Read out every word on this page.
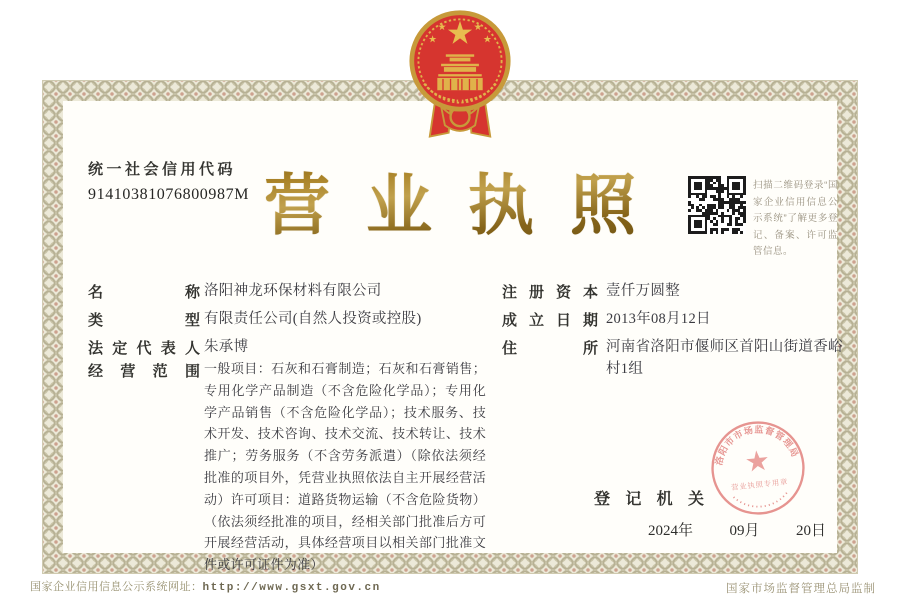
营业执照	扫描二维码登录“国家企业信用信息公示系统”了解更多登记、备案、许可监管信息。
名称 洛阳神龙环保材料有限公司
类型 有限责任公司(自然人投资或控股)
法定代表人 朱承博
经营范围 一般项目：石灰和石膏制造；石灰和石膏销售；专用化学产品制造（不含危险化学品）；专用化学产品销售（不含危险化学品）；技术服务、技术开发、技术咨询、技术交流、技术转让、技术推广；劳务服务（不含劳务派遣）（除依法须经批准的项目外，凭营业执照依法自主开展经营活动）许可项目：道路货物运输（不含危险货物）（依法须经批准的项目，经相关部门批准后方可开展经营活动，具体经营项目以相关部门批准文件或许可证件为准）
注册资本 壹仟万圆整
成立日期 2013年08月12日
住所 河南省洛阳市偃师区首阳山街道香峪村1组
登记机关
2024年 09月 20日
洛阳市市场监督管理局
营业执照专用章
国家企业信用信息公示系统网址：http://www.gsxt.gov.cn	国家市场监督管理总局监制
